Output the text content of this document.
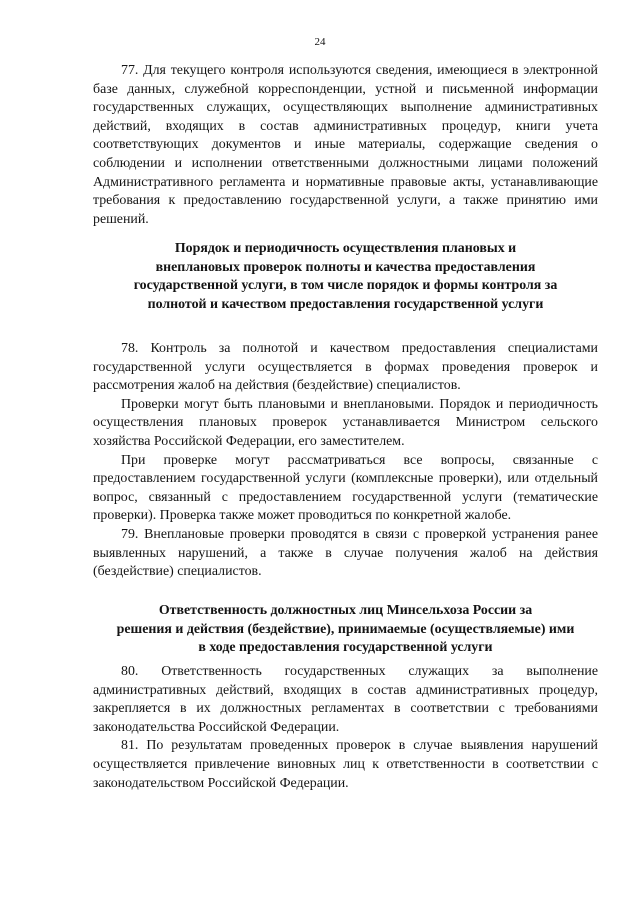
24

77. Для текущего контроля используются сведения, имеющиеся в электронной базе данных, служебной корреспонденции, устной и письменной информации государственных служащих, осуществляющих выполнение административных действий, входящих в состав административных процедур, книги учета соответствующих документов и иные материалы, содержащие сведения о соблюдении и исполнении ответственными должностными лицами положений Административного регламента и нормативные правовые акты, устанавливающие требования к предоставлению государственной услуги, а также принятию ими решений.

Порядок и периодичность осуществления плановых и
внеплановых проверок полноты и качества предоставления
государственной услуги, в том числе порядок и формы контроля за
полнотой и качеством предоставления государственной услуги

78. Контроль за полнотой и качеством предоставления специалистами государственной услуги осуществляется в формах проведения проверок и рассмотрения жалоб на действия (бездействие) специалистов.

Проверки могут быть плановыми и внеплановыми. Порядок и периодичность осуществления плановых проверок устанавливается Министром сельского хозяйства Российской Федерации, его заместителем.

При проверке могут рассматриваться все вопросы, связанные с предоставлением государственной услуги (комплексные проверки), или отдельный вопрос, связанный с предоставлением государственной услуги (тематические проверки). Проверка также может проводиться по конкретной жалобе.

79. Внеплановые проверки проводятся в связи с проверкой устранения ранее выявленных нарушений, а также в случае получения жалоб на действия (бездействие) специалистов.

Ответственность должностных лиц Минсельхоза России за
решения и действия (бездействие), принимаемые (осуществляемые) ими
в ходе предоставления государственной услуги

80. Ответственность государственных служащих за выполнение административных действий, входящих в состав административных процедур, закрепляется в их должностных регламентах в соответствии с требованиями законодательства Российской Федерации.

81. По результатам проведенных проверок в случае выявления нарушений осуществляется привлечение виновных лиц к ответственности в соответствии с законодательством Российской Федерации.
